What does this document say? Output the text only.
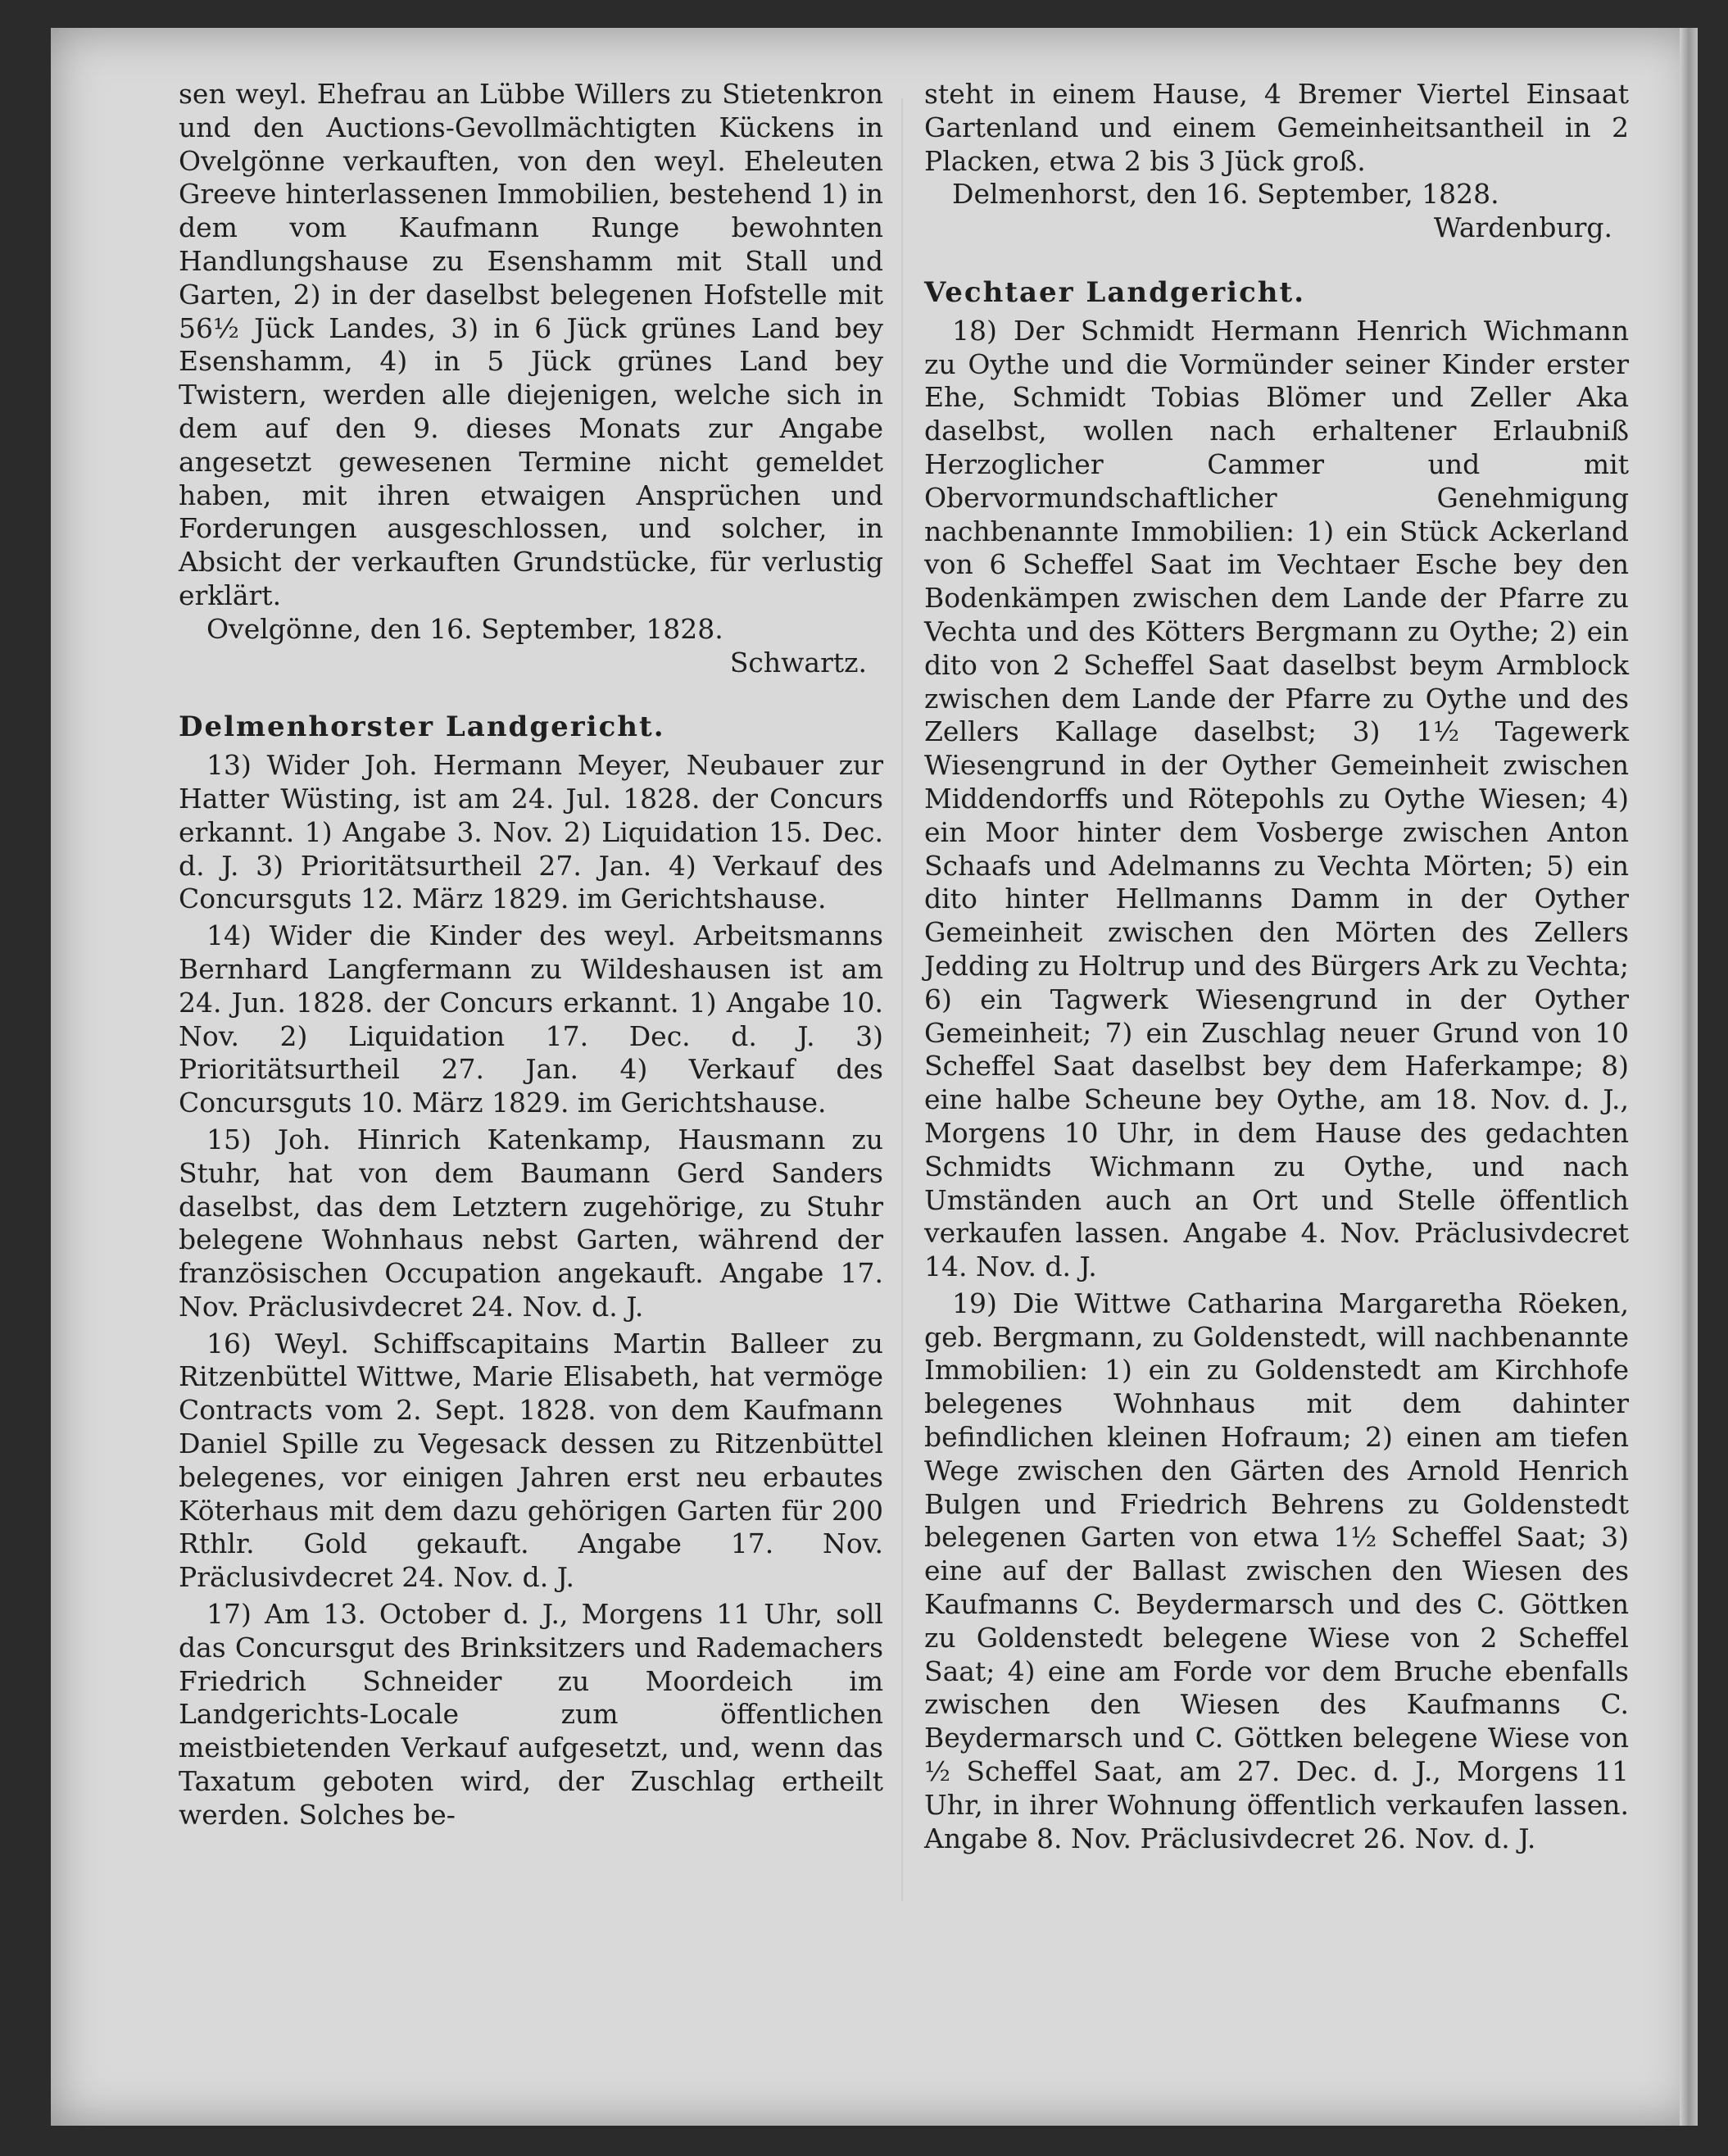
sen weyl. Ehefrau an Lübbe Willers zu Stietenkron und den Auctions-Gevollmächtigten Kückens in Ovelgönne verkauften, von den weyl. Eheleuten Greeve hinterlassenen Immobilien, bestehend 1) in dem vom Kaufmann Runge bewohnten Handlungshause zu Esenshamm mit Stall und Garten, 2) in der daselbst belegenen Hofstelle mit 56½ Jück Landes, 3) in 6 Jück grünes Land bey Esenshamm, 4) in 5 Jück grünes Land bey Twistern, werden alle diejenigen, welche sich in dem auf den 9. dieses Monats zur Angabe angesetzt gewesenen Termine nicht gemeldet haben, mit ihren etwaigen Ansprüchen und Forderungen ausgeschlossen, und solcher, in Absicht der verkauften Grundstücke, für verlustig erklärt.

Ovelgönne, den 16. September, 1828.

Schwartz.

Delmenhorster Landgericht.

13) Wider Joh. Hermann Meyer, Neubauer zur Hatter Wüsting, ist am 24. Jul. 1828. der Concurs erkannt. 1) Angabe 3. Nov. 2) Liquidation 15. Dec. d. J. 3) Prioritätsurtheil 27. Jan. 4) Verkauf des Concursguts 12. März 1829. im Gerichtshause.

14) Wider die Kinder des weyl. Arbeitsmanns Bernhard Langfermann zu Wildeshausen ist am 24. Jun. 1828. der Concurs erkannt. 1) Angabe 10. Nov. 2) Liquidation 17. Dec. d. J. 3) Prioritätsurtheil 27. Jan. 4) Verkauf des Concursguts 10. März 1829. im Gerichtshause.

15) Joh. Hinrich Katenkamp, Hausmann zu Stuhr, hat von dem Baumann Gerd Sanders daselbst, das dem Letztern zugehörige, zu Stuhr belegene Wohnhaus nebst Garten, während der französischen Occupation angekauft. Angabe 17. Nov. Präclusivdecret 24. Nov. d. J.

16) Weyl. Schiffscapitains Martin Balleer zu Ritzenbüttel Wittwe, Marie Elisabeth, hat vermöge Contracts vom 2. Sept. 1828. von dem Kaufmann Daniel Spille zu Vegesack dessen zu Ritzenbüttel belegenes, vor einigen Jahren erst neu erbautes Köterhaus mit dem dazu gehörigen Garten für 200 Rthlr. Gold gekauft. Angabe 17. Nov. Präclusivdecret 24. Nov. d. J.

17) Am 13. October d. J., Morgens 11 Uhr, soll das Concursgut des Brinksitzers und Rademachers Friedrich Schneider zu Moordeich im Landgerichts-Locale zum öffentlichen meistbietenden Verkauf aufgesetzt, und, wenn das Taxatum geboten wird, der Zuschlag ertheilt werden. Solches be-

steht in einem Hause, 4 Bremer Viertel Einsaat Gartenland und einem Gemeinheitsantheil in 2 Placken, etwa 2 bis 3 Jück groß.

Delmenhorst, den 16. September, 1828.

Wardenburg.

Vechtaer Landgericht.

18) Der Schmidt Hermann Henrich Wichmann zu Oythe und die Vormünder seiner Kinder erster Ehe, Schmidt Tobias Blömer und Zeller Aka daselbst, wollen nach erhaltener Erlaubniß Herzoglicher Cammer und mit Obervormundschaftlicher Genehmigung nachbenannte Immobilien: 1) ein Stück Ackerland von 6 Scheffel Saat im Vechtaer Esche bey den Bodenkämpen zwischen dem Lande der Pfarre zu Vechta und des Kötters Bergmann zu Oythe; 2) ein dito von 2 Scheffel Saat daselbst beym Armblock zwischen dem Lande der Pfarre zu Oythe und des Zellers Kallage daselbst; 3) 1½ Tagewerk Wiesengrund in der Oyther Gemeinheit zwischen Middendorffs und Rötepohls zu Oythe Wiesen; 4) ein Moor hinter dem Vosberge zwischen Anton Schaafs und Adelmanns zu Vechta Mörten; 5) ein dito hinter Hellmanns Damm in der Oyther Gemeinheit zwischen den Mörten des Zellers Jedding zu Holtrup und des Bürgers Ark zu Vechta; 6) ein Tagwerk Wiesengrund in der Oyther Gemeinheit; 7) ein Zuschlag neuer Grund von 10 Scheffel Saat daselbst bey dem Haferkampe; 8) eine halbe Scheune bey Oythe, am 18. Nov. d. J., Morgens 10 Uhr, in dem Hause des gedachten Schmidts Wichmann zu Oythe, und nach Umständen auch an Ort und Stelle öffentlich verkaufen lassen. Angabe 4. Nov. Präclusivdecret 14. Nov. d. J.

19) Die Wittwe Catharina Margaretha Röeken, geb. Bergmann, zu Goldenstedt, will nachbenannte Immobilien: 1) ein zu Goldenstedt am Kirchhofe belegenes Wohnhaus mit dem dahinter befindlichen kleinen Hofraum; 2) einen am tiefen Wege zwischen den Gärten des Arnold Henrich Bulgen und Friedrich Behrens zu Goldenstedt belegenen Garten von etwa 1½ Scheffel Saat; 3) eine auf der Ballast zwischen den Wiesen des Kaufmanns C. Beydermarsch und des C. Göttken zu Goldenstedt belegene Wiese von 2 Scheffel Saat; 4) eine am Forde vor dem Bruche ebenfalls zwischen den Wiesen des Kaufmanns C. Beydermarsch und C. Göttken belegene Wiese von ½ Scheffel Saat, am 27. Dec. d. J., Morgens 11 Uhr, in ihrer Wohnung öffentlich verkaufen lassen. Angabe 8. Nov. Präclusivdecret 26. Nov. d. J.
